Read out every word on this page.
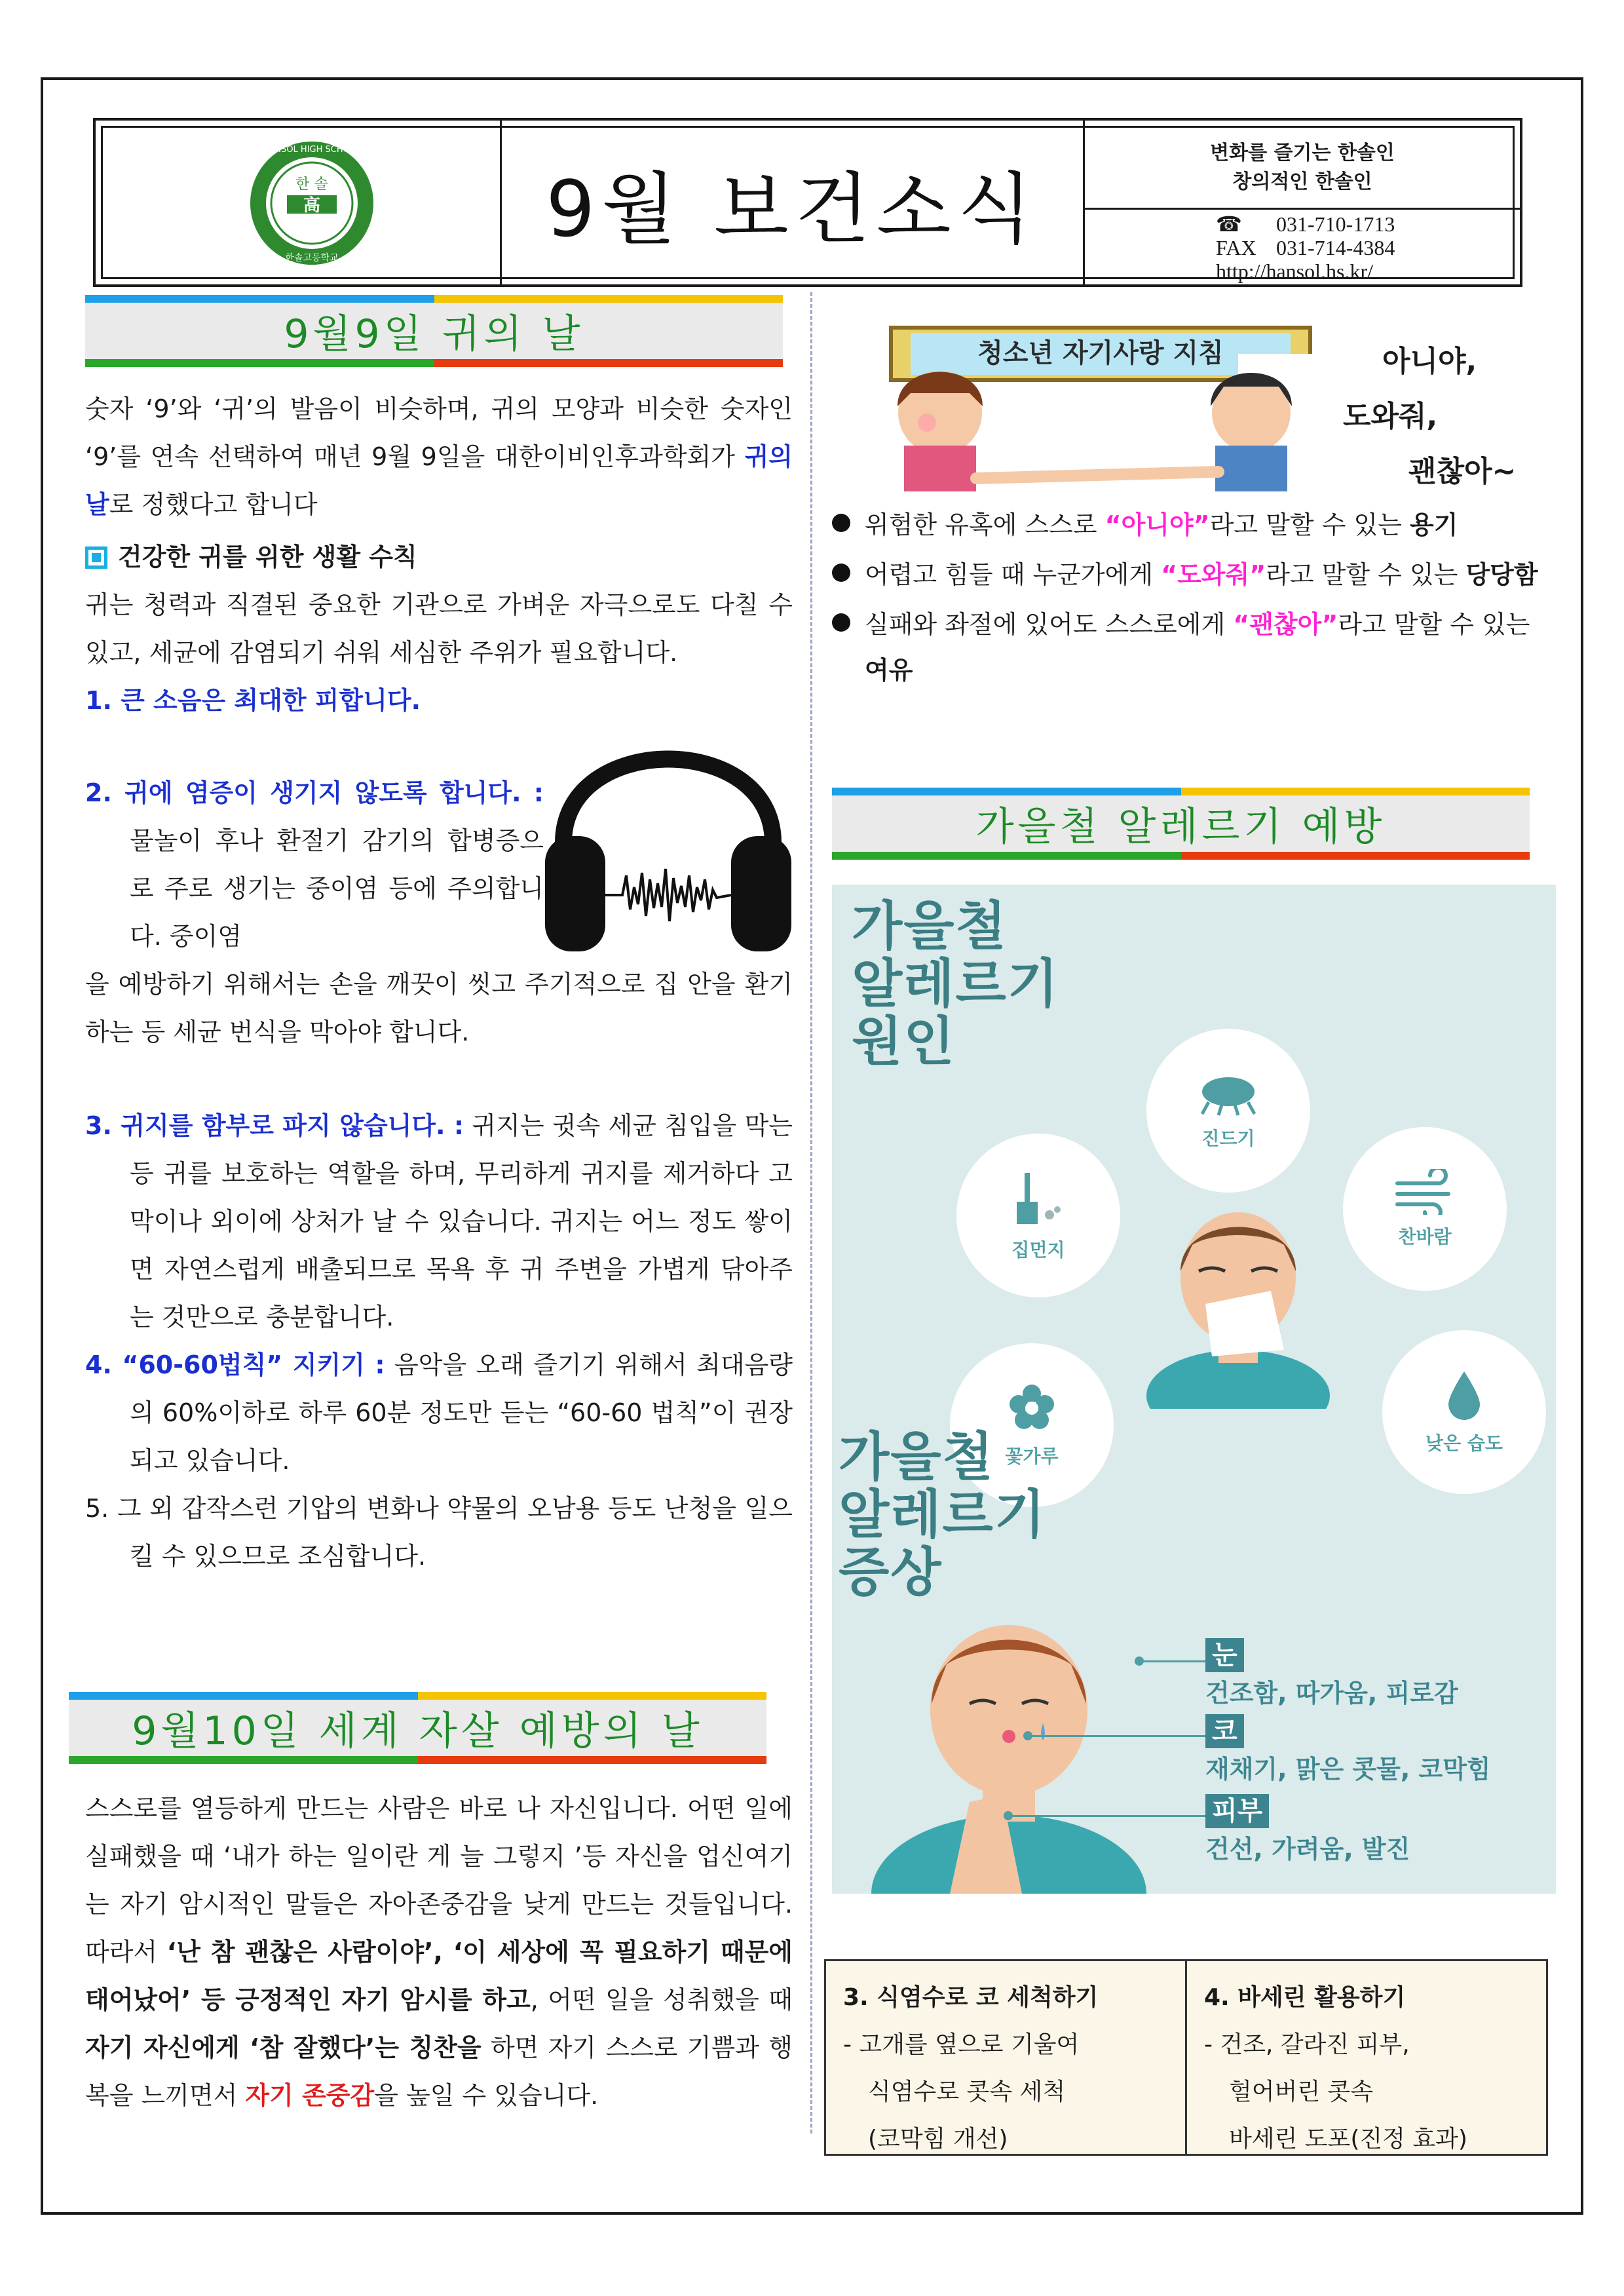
한 솔
高
HANSOL HIGH SCHOOL
한솔고등학교
9월 보건소식
변화를 즐기는 한솔인
창의적인 한솔인
☎	031-710-1713
FAX 031-714-4384
http://hansol.hs.kr/
9월9일 귀의 날
숫자 ‘9’와 ‘귀’의 발음이 비슷하며, 귀의 모양과 비슷한 숫자인 ‘9’를 연속 선택하여 매년 9월 9일을 대한이비인후과학회가 귀의 날로 정했다고 합니다
건강한 귀를 위한 생활 수칙
귀는 청력과 직결된 중요한 기관으로 가벼운 자극으로도 다칠 수 있고, 세균에 감염되기 쉬워 세심한 주위가 필요합니다.
1. 큰 소음은 최대한 피합니다.
2. 귀에 염증이 생기지 않도록 합니다. : 물놀이 후나 환절기 감기의 합병증으로 주로 생기는 중이염 등에 주의합니다. 중이염
을 예방하기 위해서는 손을 깨끗이 씻고 주기적으로 집 안을 환기하는 등 세균 번식을 막아야 합니다.
3. 귀지를 함부로 파지 않습니다. : 귀지는 귓속 세균 침입을 막는 등 귀를 보호하는 역할을 하며, 무리하게 귀지를 제거하다 고막이나 외이에 상처가 날 수 있습니다. 귀지는 어느 정도 쌓이면 자연스럽게 배출되므로 목욕 후 귀 주변을 가볍게 닦아주는 것만으로 충분합니다.
4. “60-60법칙” 지키기 : 음악을 오래 즐기기 위해서 최대음량의 60%이하로 하루 60분 정도만 듣는 “60-60 법칙”이 권장되고 있습니다.
5. 그 외 갑작스런 기압의 변화나 약물의 오남용 등도 난청을 일으킬 수 있으므로 조심합니다.
9월10일 세계 자살 예방의 날
스스로를 열등하게 만드는 사람은 바로 나 자신입니다. 어떤 일에 실패했을 때 ‘내가 하는 일이란 게 늘 그렇지 ’등 자신을 업신여기는 자기 암시적인 말들은 자아존중감을 낮게 만드는 것들입니다. 따라서 ‘난 참 괜찮은 사람이야’, ‘이 세상에 꼭 필요하기 때문에 태어났어’ 등 긍정적인 자기 암시를 하고, 어떤 일을 성취했을 때 자기 자신에게 ‘참 잘했다’는 칭찬을 하면 자기 스스로 기쁨과 행복을 느끼면서 자기 존중감을 높일 수 있습니다.
청소년 자기사랑 지침	아니야,
도와줘,
괜찮아~
위험한 유혹에 스스로 “아니야”라고 말할 수 있는 용기
어렵고 힘들 때 누군가에게 “도와줘”라고 말할 수 있는 당당함
실패와 좌절에 있어도 스스로에게 “괜찮아”라고 말할 수 있는 여유
가을철 알레르기 예방
가을철
알레르기
원인
진드기
집먼지
찬바람
꽃가루
낮은 습도
가을철
알레르기
증상
눈
건조함, 따가움, 피로감
코
재채기, 맑은 콧물, 코막힘
피부
건선, 가려움, 발진
3. 식염수로 코 세척하기
- 고개를 옆으로 기울여
식염수로 콧속 세척
(코막힘 개선)
4. 바세린 활용하기
- 건조, 갈라진 피부,
헐어버린 콧속
바세린 도포(진정 효과)
